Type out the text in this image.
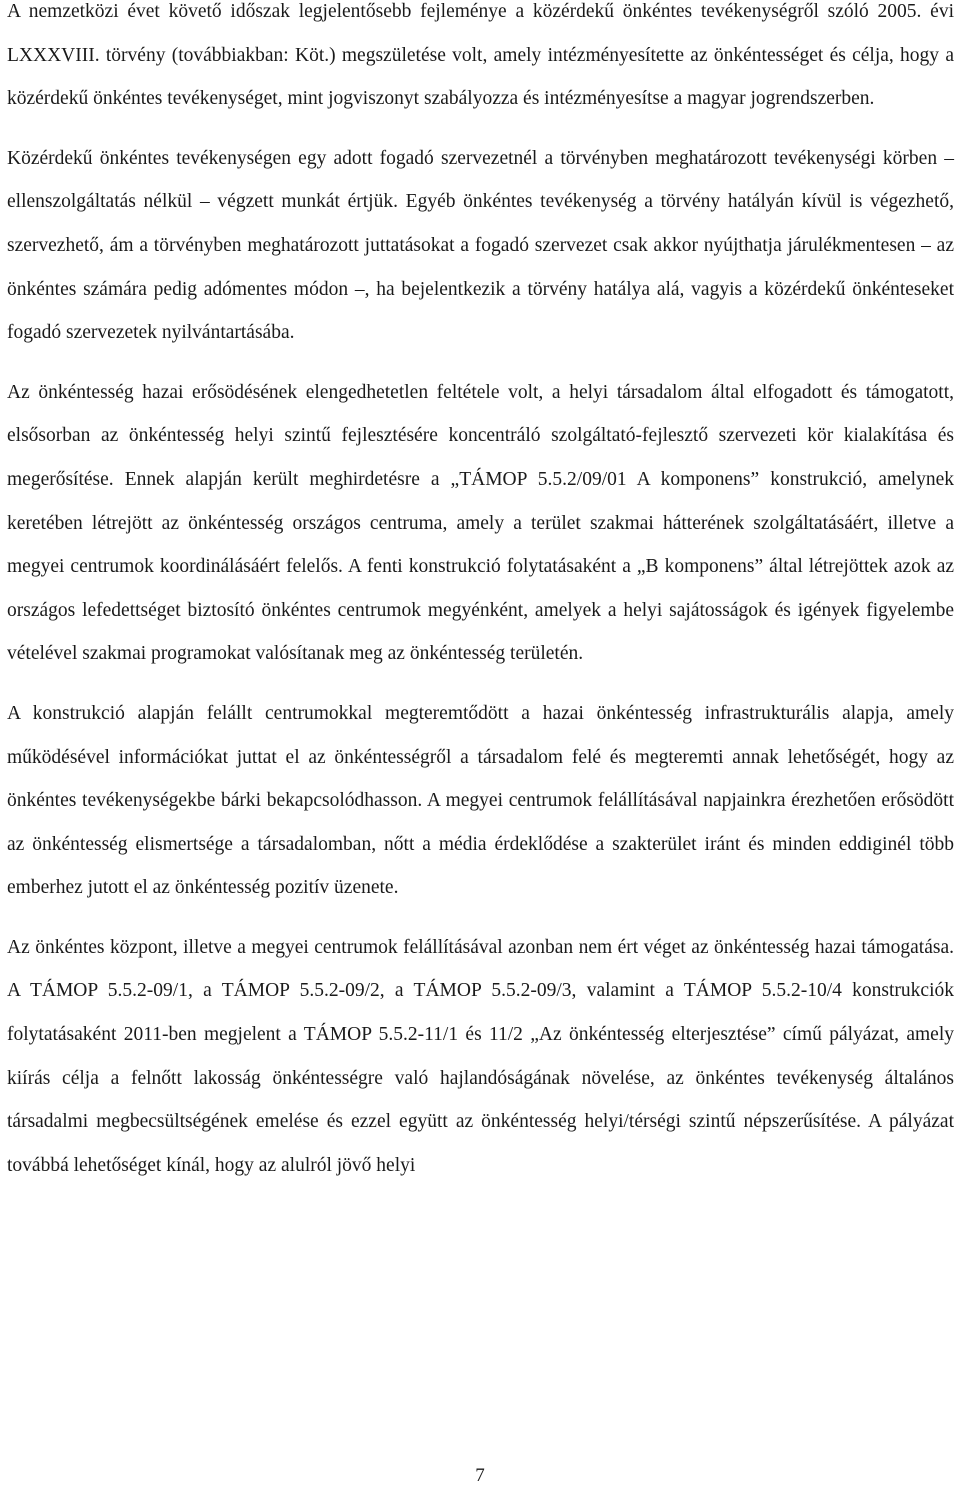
A nemzetközi évet követő időszak legjelentősebb fejleménye a közérdekű önkéntes tevékenységről szóló 2005. évi LXXXVIII. törvény (továbbiakban: Köt.) megszületése volt, amely intézményesítette az önkéntességet és célja, hogy a közérdekű önkéntes tevékenységet, mint jogviszonyt szabályozza és intézményesítse a magyar jogrendszerben.

Közérdekű önkéntes tevékenységen egy adott fogadó szervezetnél a törvényben meghatározott tevékenységi körben – ellenszolgáltatás nélkül – végzett munkát értjük. Egyéb önkéntes tevékenység a törvény hatályán kívül is végezhető, szervezhető, ám a törvényben meghatározott juttatásokat a fogadó szervezet csak akkor nyújthatja járulékmentesen – az önkéntes számára pedig adómentes módon –, ha bejelentkezik a törvény hatálya alá, vagyis a közérdekű önkénteseket fogadó szervezetek nyilvántartásába.

Az önkéntesség hazai erősödésének elengedhetetlen feltétele volt, a helyi társadalom által elfogadott és támogatott, elsősorban az önkéntesség helyi szintű fejlesztésére koncentráló szolgáltató-fejlesztő szervezeti kör kialakítása és megerősítése. Ennek alapján került meghirdetésre a „TÁMOP 5.5.2/09/01 A komponens” konstrukció, amelynek keretében létrejött az önkéntesség országos centruma, amely a terület szakmai hátterének szolgáltatásáért, illetve a megyei centrumok koordinálásáért felelős. A fenti konstrukció folytatásaként a „B komponens” által létrejöttek azok az országos lefedettséget biztosító önkéntes centrumok megyénként, amelyek a helyi sajátosságok és igények figyelembe vételével szakmai programokat valósítanak meg az önkéntesség területén.

A konstrukció alapján felállt centrumokkal megteremtődött a hazai önkéntesség infrastrukturális alapja, amely működésével információkat juttat el az önkéntességről a társadalom felé és megteremti annak lehetőségét, hogy az önkéntes tevékenységekbe bárki bekapcsolódhasson. A megyei centrumok felállításával napjainkra érezhetően erősödött az önkéntesség elismertsége a társadalomban, nőtt a média érdeklődése a szakterület iránt és minden eddiginél több emberhez jutott el az önkéntesség pozitív üzenete.

Az önkéntes központ, illetve a megyei centrumok felállításával azonban nem ért véget az önkéntesség hazai támogatása. A TÁMOP 5.5.2-09/1, a TÁMOP 5.5.2-09/2, a TÁMOP 5.5.2-09/3, valamint a TÁMOP 5.5.2-10/4 konstrukciók folytatásaként 2011-ben megjelent a TÁMOP 5.5.2-11/1 és 11/2 „Az önkéntesség elterjesztése” című pályázat, amely kiírás célja a felnőtt lakosság önkéntességre való hajlandóságának növelése, az önkéntes tevékenység általános társadalmi megbecsültségének emelése és ezzel együtt az önkéntesség helyi/térségi szintű népszerűsítése. A pályázat továbbá lehetőséget kínál, hogy az alulról jövő helyi

7
